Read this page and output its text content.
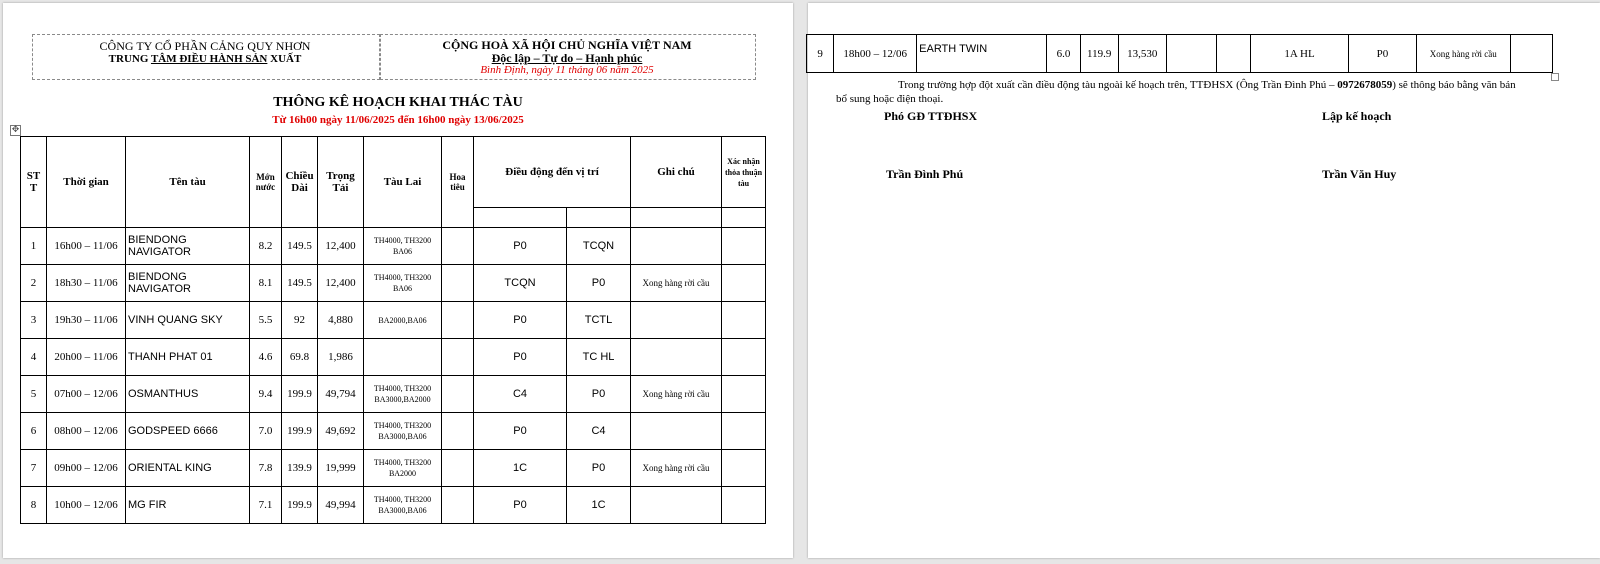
CÔNG TY CỔ PHẦN CẢNG QUY NHƠN
TRUNG TÂM ĐIỀU HÀNH SẢN XUẤT
CỘNG HOÀ XÃ HỘI CHỦ NGHĨA VIỆT NAM
Độc lập – Tự do – Hạnh phúc
Bình Định, ngày 11 tháng 06 năm 2025
THÔNG KÊ HOẠCH KHAI THÁC TÀU
Từ 16h00 ngày 11/06/2025 đến 16h00 ngày 13/06/2025
✥
ST T	Thời gian	Tên tàu	Mớn nước	Chiều Dài	Trọng Tải	Tàu Lai	Hoa tiêu	Điều động đến vị trí		Ghi chú	Xác nhận thỏa thuận tàu

1	16h00 – 11/06	BIENDONG NAVIGATOR	8.2	149.5	12,400	TH4000, TH3200 BA06		P0	TCQN		
2	18h30 – 11/06	BIENDONG NAVIGATOR	8.1	149.5	12,400	TH4000, TH3200 BA06		TCQN	P0	Xong hàng rời cầu	
3	19h30 – 11/06	VINH QUANG SKY	5.5	92	4,880	BA2000,BA06		P0	TCTL		
4	20h00 – 11/06	THANH PHAT 01	4.6	69.8	1,986			P0	TC HL		
5	07h00 – 12/06	OSMANTHUS	9.4	199.9	49,794	TH4000, TH3200 BA3000,BA2000		C4	P0	Xong hàng rời cầu	
6	08h00 – 12/06	GODSPEED 6666	7.0	199.9	49,692	TH4000, TH3200 BA3000,BA06		P0	C4		
7	09h00 – 12/06	ORIENTAL KING	7.8	139.9	19,999	TH4000, TH3200 BA2000		1C	P0	Xong hàng rời cầu	
8	10h00 – 12/06	MG FIR	7.1	199.9	49,994	TH4000, TH3200 BA3000,BA06		P0	1C		
9	18h00 – 12/06	EARTH TWIN	6.0	119.9	13,530			1A HL	P0	Xong hàng rời cầu	
Trong trường hợp đột xuất cần điều động tàu ngoài kế hoạch trên, TTĐHSX (Ông Trần Đình Phú – 0972678059) sẽ thông báo bằng văn bản bổ sung hoặc điện thoại.
Phó GĐ TTĐHSX	Lập kế hoạch
Trần Đình Phú	Trần Văn Huy
